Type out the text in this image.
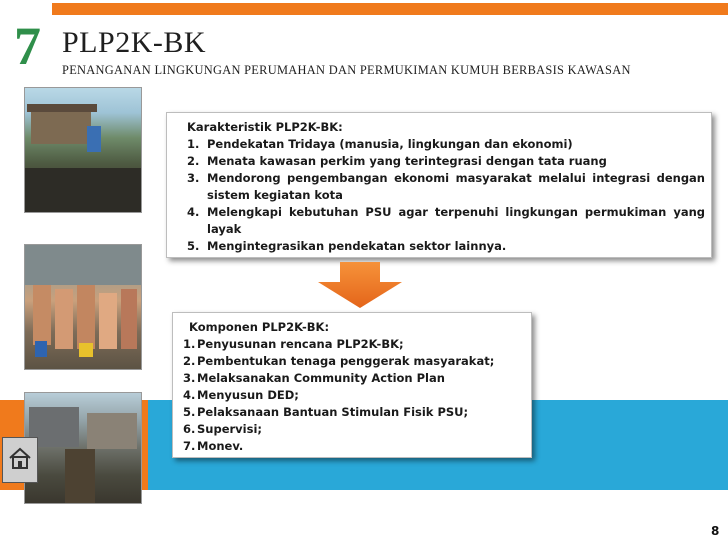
7 PLP2K-BK
PENANGANAN LINGKUNGAN PERUMAHAN DAN PERMUKIMAN KUMUH BERBASIS KAWASAN
Karakteristik PLP2K-BK:
1. Pendekatan Tridaya (manusia, lingkungan dan ekonomi)
2. Menata kawasan perkim yang terintegrasi dengan tata ruang
3. Mendorong pengembangan ekonomi masyarakat melalui integrasi dengan sistem kegiatan kota
4. Melengkapi kebutuhan PSU agar terpenuhi lingkungan permukiman yang layak
5. Mengintegrasikan pendekatan sektor lainnya.
Komponen PLP2K-BK:
1. Penyusunan rencana PLP2K-BK;
2. Pembentukan tenaga penggerak masyarakat;
3. Melaksanakan Community Action Plan
4. Menyusun DED;
5. Pelaksanaan Bantuan Stimulan Fisik PSU;
6. Supervisi;
7. Monev.
8
8
